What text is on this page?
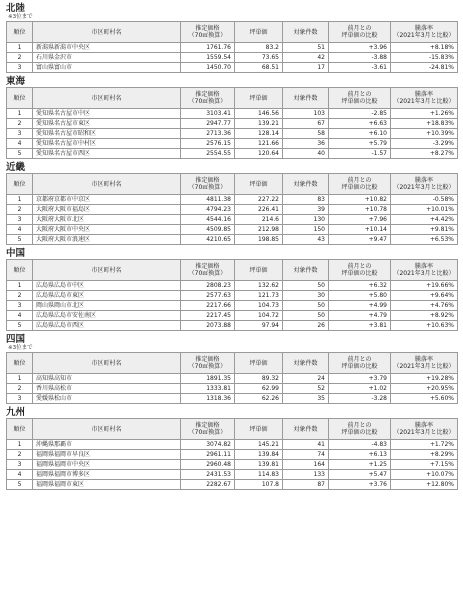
北陸
※3位まで
順位	市区町村名	推定価格
（70㎡換算）	坪単価	対象件数	前月との
坪単価の比較	騰落率
（2021年3月と比較）

1	新潟県新潟市中央区	1761.76	83.2	51	+3.96	+8.18%
2	石川県金沢市	1559.54	73.65	42	-3.88	-15.83%
3	富山県富山市	1450.70	68.51	17	-3.61	-24.81%
東海
順位	市区町村名	推定価格
（70㎡換算）	坪単価	対象件数	前月との
坪単価の比較	騰落率
（2021年3月と比較）

1	愛知県名古屋市中区	3103.41	146.56	103	-2.85	+1.26%
2	愛知県名古屋市東区	2947.77	139.21	67	+6.63	+18.83%
3	愛知県名古屋市昭和区	2713.36	128.14	58	+6.10	+10.39%
4	愛知県名古屋市中村区	2576.15	121.66	36	+5.79	-3.29%
5	愛知県名古屋市西区	2554.55	120.64	40	-1.57	+8.27%
近畿
順位	市区町村名	推定価格
（70㎡換算）	坪単価	対象件数	前月との
坪単価の比較	騰落率
（2021年3月と比較）

1	京都府京都市中京区	4811.38	227.22	83	+10.82	-0.58%
2	大阪府大阪市福島区	4794.23	226.41	39	+10.78	+10.01%
3	大阪府大阪市北区	4544.16	214.6	130	+7.96	+4.42%
4	大阪府大阪市中央区	4509.85	212.98	150	+10.14	+9.81%
5	大阪府大阪市浪速区	4210.65	198.85	43	+9.47	+6.53%
中国
順位	市区町村名	推定価格
（70㎡換算）	坪単価	対象件数	前月との
坪単価の比較	騰落率
（2021年3月と比較）

1	広島県広島市中区	2808.23	132.62	50	+6.32	+19.66%
2	広島県広島市東区	2577.63	121.73	30	+5.80	+9.64%
3	岡山県岡山市北区	2217.66	104.73	50	+4.99	+4.76%
4	広島県広島市安佐南区	2217.45	104.72	50	+4.79	+8.92%
5	広島県広島市西区	2073.88	97.94	26	+3.81	+10.63%
四国
※3位まで
順位	市区町村名	推定価格
（70㎡換算）	坪単価	対象件数	前月との
坪単価の比較	騰落率
（2021年3月と比較）

1	高知県高知市	1891.35	89.32	24	+3.79	+19.28%
2	香川県高松市	1333.81	62.99	52	+1.02	+20.95%
3	愛媛県松山市	1318.36	62.26	35	-3.28	+5.60%
九州
順位	市区町村名	推定価格
（70㎡換算）	坪単価	対象件数	前月との
坪単価の比較	騰落率
（2021年3月と比較）

1	沖縄県那覇市	3074.82	145.21	41	-4.83	+1.72%
2	福岡県福岡市早良区	2961.11	139.84	74	+6.13	+8.29%
3	福岡県福岡市中央区	2960.48	139.81	164	+1.25	+7.15%
4	福岡県福岡市博多区	2431.53	114.83	133	+5.47	+10.07%
5	福岡県福岡市東区	2282.67	107.8	87	+3.76	+12.80%
